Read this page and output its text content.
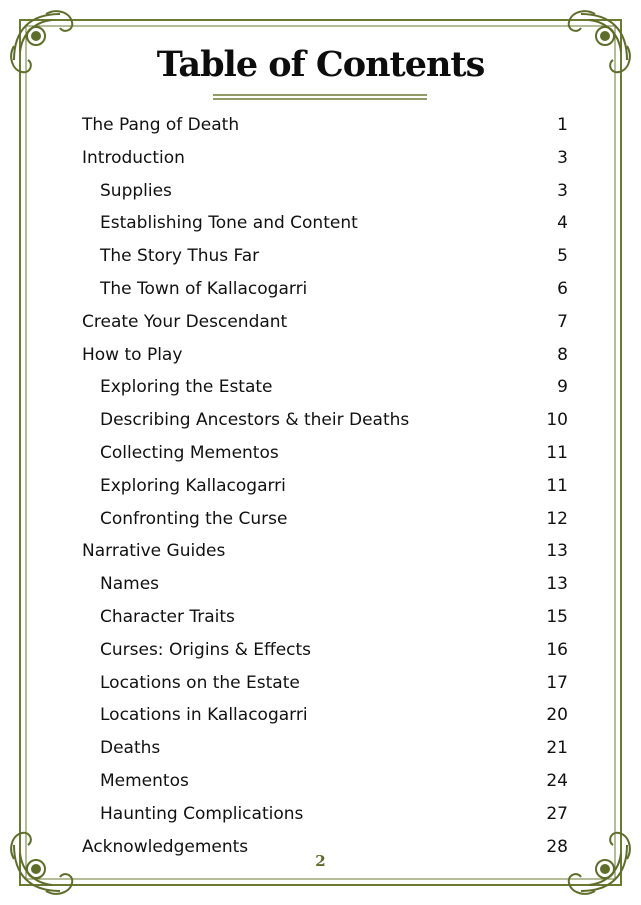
Table of Contents
The Pang of Death	1
Introduction	3
Supplies	3
Establishing Tone and Content	4
The Story Thus Far	5
The Town of Kallacogarri	6
Create Your Descendant	7
How to Play	8
Exploring the Estate	9
Describing Ancestors & their Deaths	10
Collecting Mementos	11
Exploring Kallacogarri	11
Confronting the Curse	12
Narrative Guides	13
Names	13
Character Traits	15
Curses: Origins & Effects	16
Locations on the Estate	17
Locations in Kallacogarri	20
Deaths	21
Mementos	24
Haunting Complications	27
Acknowledgements	28
2
